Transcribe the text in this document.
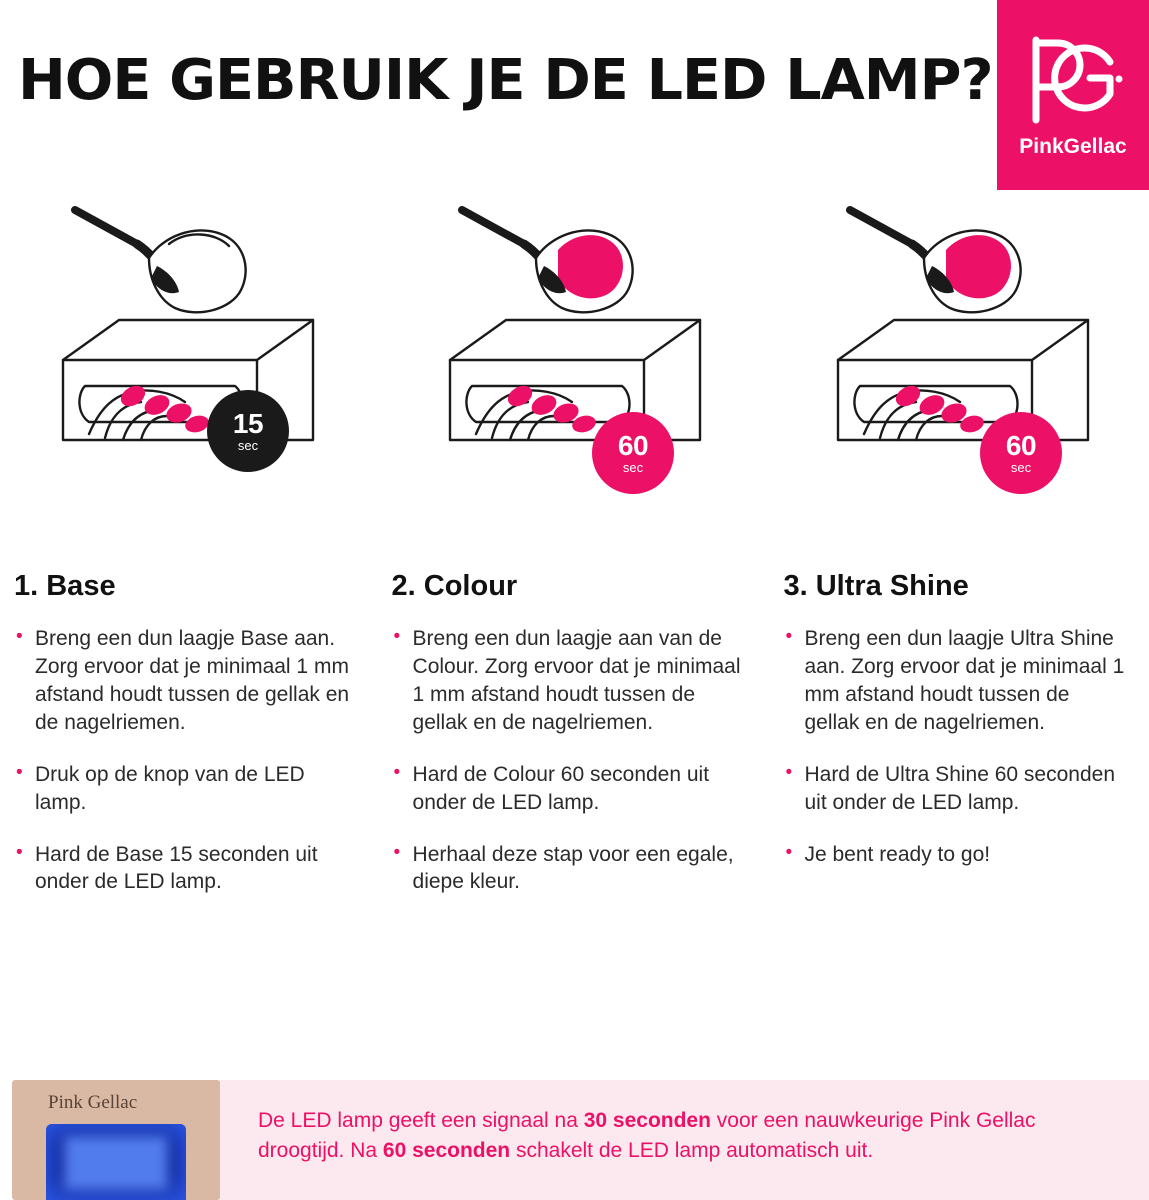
HOE GEBRUIK JE DE LED LAMP?
PinkGellac
15
sec	60
sec
60
sec
1. Base
• Breng een dun laagje Base aan. Zorg ervoor dat je minimaal 1 mm afstand houdt tussen de gellak en de nagelriemen.
• Druk op de knop van de LED lamp.
• Hard de Base 15 seconden uit onder de LED lamp.
2. Colour
• Breng een dun laagje aan van de Colour. Zorg ervoor dat je minimaal 1 mm afstand houdt tussen de gellak en de nagelriemen.
• Hard de Colour 60 seconden uit onder de LED lamp.
• Herhaal deze stap voor een egale, diepe kleur.
3. Ultra Shine
• Breng een dun laagje Ultra Shine aan. Zorg ervoor dat je minimaal 1 mm afstand houdt tussen de gellak en de nagelriemen.
• Hard de Ultra Shine 60 seconden uit onder de LED lamp.
• Je bent ready to go!
Pink Gellac
De LED lamp geeft een signaal na 30 seconden voor een nauwkeurige Pink Gellac droogtijd. Na 60 seconden schakelt de LED lamp automatisch uit.
